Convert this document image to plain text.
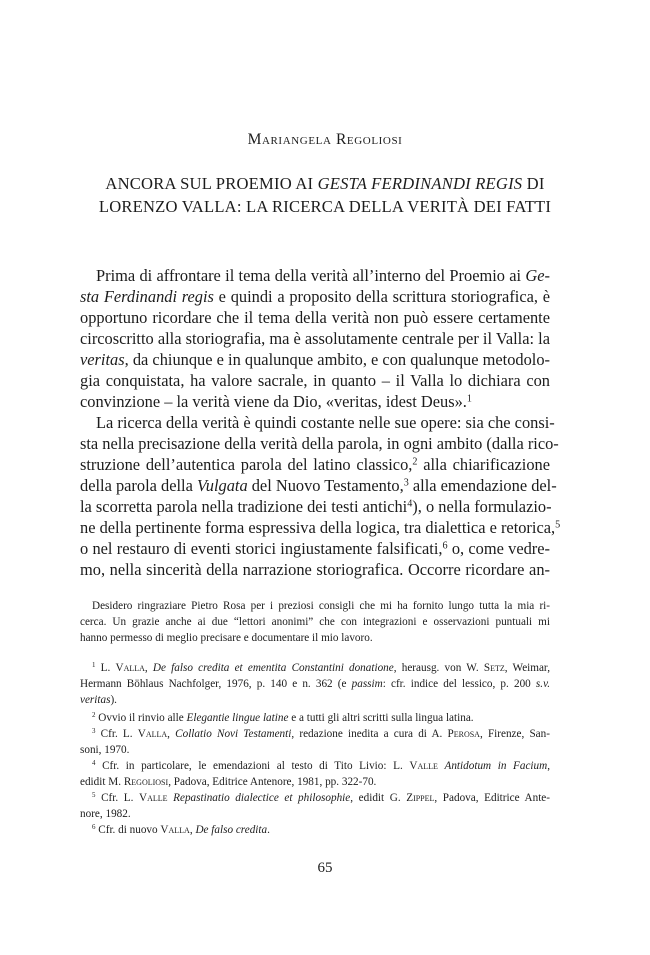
Mariangela Regoliosi
ANCORA SUL PROEMIO AI GESTA FERDINANDI REGIS DI
LORENZO VALLA: LA RICERCA DELLA VERITÀ DEI FATTI
Prima di affrontare il tema della verità all’interno del Proemio ai Ge-
sta Ferdinandi regis e quindi a proposito della scrittura storiografica, è
opportuno ricordare che il tema della verità non può essere certamente
circoscritto alla storiografia, ma è assolutamente centrale per il Valla: la
veritas, da chiunque e in qualunque ambito, e con qualunque metodolo-
gia conquistata, ha valore sacrale, in quanto – il Valla lo dichiara con
convinzione – la verità viene da Dio, «veritas, idest Deus».$^1$
La ricerca della verità è quindi costante nelle sue opere: sia che consi-
sta nella precisazione della verità della parola, in ogni ambito (dalla rico-
struzione dell’autentica parola del latino classico,$^2$ alla chiarificazione
della parola della Vulgata del Nuovo Testamento,$^3$ alla emendazione del-
la scorretta parola nella tradizione dei testi antichi$^4$), o nella formulazio-
ne della pertinente forma espressiva della logica, tra dialettica e retorica,$^5$
o nel restauro di eventi storici ingiustamente falsificati,$^6$ o, come vedre-
mo, nella sincerità della narrazione storiografica. Occorre ricordare an-
Desidero ringraziare Pietro Rosa per i preziosi consigli che mi ha fornito lungo tutta la mia ri-
cerca. Un grazie anche ai due “lettori anonimi” che con integrazioni e osservazioni puntuali mi
hanno permesso di meglio precisare e documentare il mio lavoro.
$^1$ L. Valla, De falso credita et ementita Constantini donatione, herausg. von W. Setz, Weimar,
Hermann Böhlaus Nachfolger, 1976, p. 140 e n. 362 (e passim: cfr. indice del lessico, p. 200 s.v.
veritas).
$^2$ Ovvio il rinvio alle Elegantie lingue latine e a tutti gli altri scritti sulla lingua latina.
$^3$ Cfr. L. Valla, Collatio Novi Testamenti, redazione inedita a cura di A. Perosa, Firenze, San-
soni, 1970.
$^4$ Cfr. in particolare, le emendazioni al testo di Tito Livio: L. Valle Antidotum in Facium,
edidit M. Regoliosi, Padova, Editrice Antenore, 1981, pp. 322-70.
$^5$ Cfr. L. Valle Repastinatio dialectice et philosophie, edidit G. Zippel, Padova, Editrice Ante-
nore, 1982.
$^6$ Cfr. di nuovo Valla, De falso credita.
65
